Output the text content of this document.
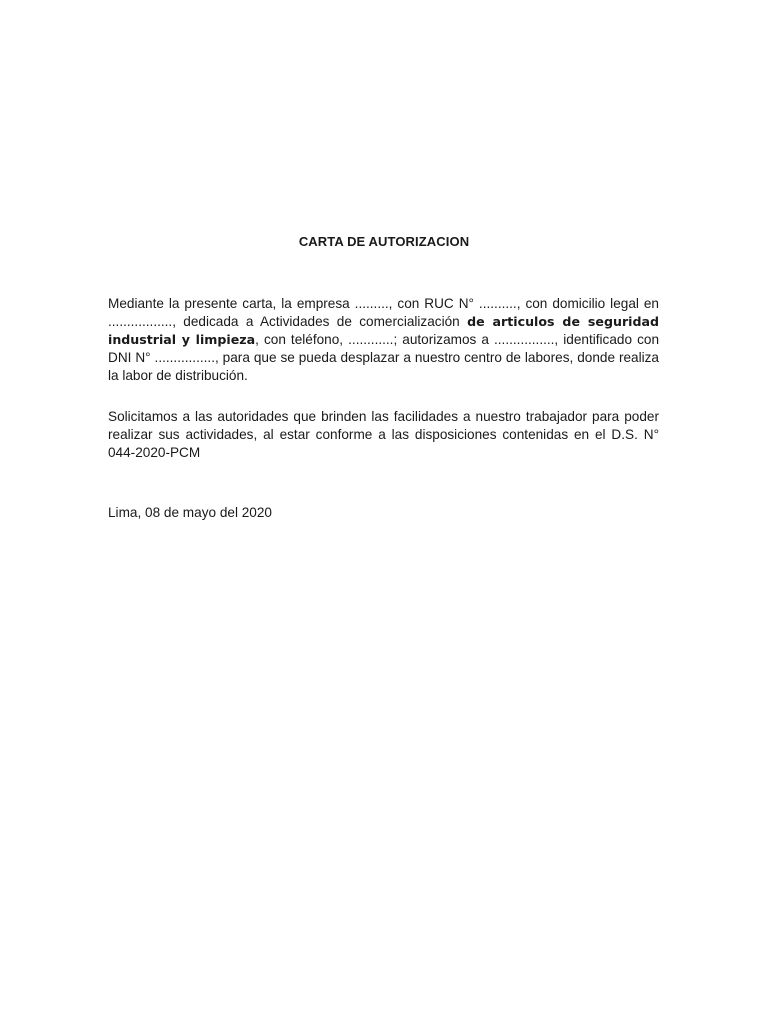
CARTA DE AUTORIZACION

Mediante la presente carta, la empresa ........., con RUC N° .........., con domicilio legal en ................., dedicada a Actividades de comercialización de articulos de seguridad industrial y limpieza, con teléfono, ............; autorizamos a ................, identificado con DNI N° ................, para que se pueda desplazar a nuestro centro de labores, donde realiza la labor de distribución.

Solicitamos a las autoridades que brinden las facilidades a nuestro trabajador para poder realizar sus actividades, al estar conforme a las disposiciones contenidas en el D.S. N° 044-2020-PCM

Lima, 08 de mayo del 2020
